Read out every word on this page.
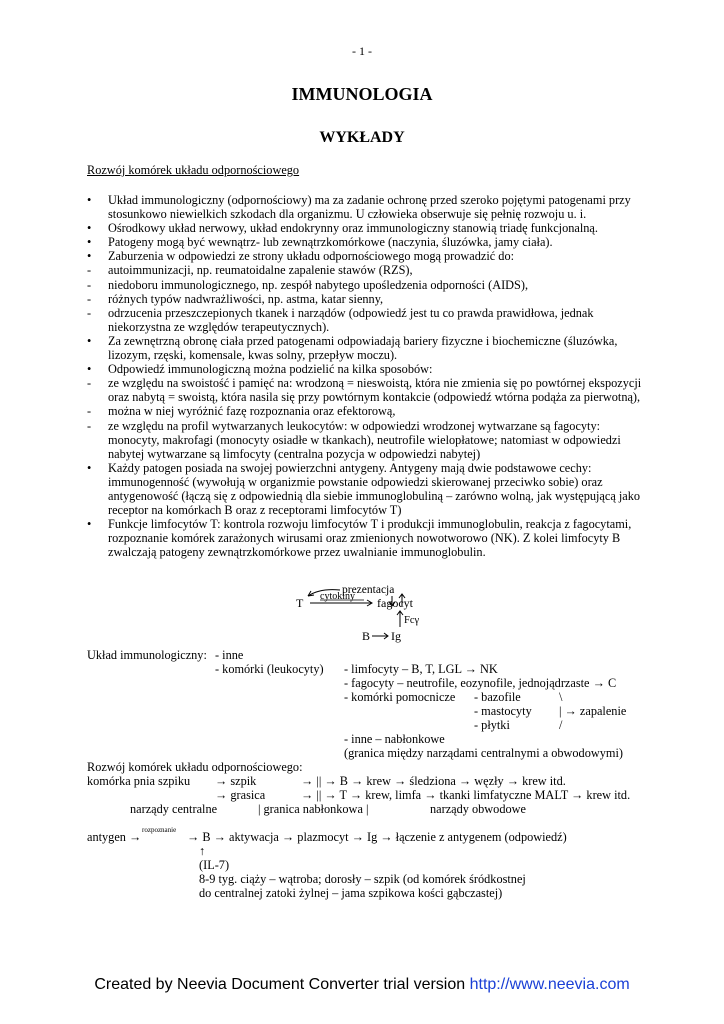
- 1 -
IMMUNOLOGIA
WYKŁADY
Rozwój komórek układu odpornościowego
• Układ immunologiczny (odpornościowy) ma za zadanie ochronę przed szeroko pojętymi patogenami przy stosunkowo niewielkich szkodach dla organizmu. U człowieka obserwuje się pełnię rozwoju u. i.
• Ośrodkowy układ nerwowy, układ endokrynny oraz immunologiczny stanowią triadę funkcjonalną.
• Patogeny mogą być wewnątrz- lub zewnątrzkomórkowe (naczynia, śluzówka, jamy ciała).
• Zaburzenia w odpowiedzi ze strony układu odpornościowego mogą prowadzić do:
- autoimmunizacji, np. reumatoidalne zapalenie stawów (RZS),
- niedoboru immunologicznego, np. zespół nabytego upośledzenia odporności (AIDS),
- różnych typów nadwrażliwości, np. astma, katar sienny,
- odrzucenia przeszczepionych tkanek i narządów (odpowiedź jest tu co prawda prawidłowa, jednak niekorzystna ze względów terapeutycznych).
• Za zewnętrzną obronę ciała przed patogenami odpowiadają bariery fizyczne i biochemiczne (śluzówka, lizozym, rzęski, komensale, kwas solny, przepływ moczu).
• Odpowiedź immunologiczną można podzielić na kilka sposobów:
- ze względu na swoistość i pamięć na: wrodzoną = nieswoistą, która nie zmienia się po powtórnej ekspozycji oraz nabytą = swoistą, która nasila się przy powtórnym kontakcie (odpowiedź wtórna podąża za pierwotną),
- można w niej wyróżnić fazę rozpoznania oraz efektorową,
- ze względu na profil wytwarzanych leukocytów: w odpowiedzi wrodzonej wytwarzane są fagocyty: monocyty, makrofagi (monocyty osiadłe w tkankach), neutrofile wielopłatowe; natomiast w odpowiedzi nabytej wytwarzane są limfocyty (centralna pozycja w odpowiedzi nabytej)
• Każdy patogen posiada na swojej powierzchni antygeny. Antygeny mają dwie podstawowe cechy: immunogenność (wywołują w organizmie powstanie odpowiedzi skierowanej przeciwko sobie) oraz antygenowość (łączą się z odpowiednią dla siebie immunoglobuliną – zarówno wolną, jak występującą jako receptor na komórkach B oraz z receptorami limfocytów T)
• Funkcje limfocytów T: kontrola rozwoju limfocytów T i produkcji immunoglobulin, reakcja z fagocytami, rozpoznanie komórek zarażonych wirusami oraz zmienionych nowotworowo (NK). Z kolei limfocyty B zwalczają patogeny zewnątrzkomórkowe przez uwalnianie immunoglobulin.
prezentacja
cytokiny
T	fagocyt
Fcγ
B Ig
Układ immunologiczny: - inne
- komórki (leukocyty) - limfocyty – B, T, LGL → NK
- fagocyty – neutrofile, eozynofile, jednojądrzaste → C
- komórki pomocnicze - bazofile	\
- mastocyty | → zapalenie
- płytki	/
- inne – nabłonkowe
(granica między narządami centralnymi a obwodowymi)
Rozwój komórek układu odpornościowego:
komórka pnia szpiku → szpik	→ || → B → krew → śledziona → węzły → krew itd.
→ grasica	→ || → T → krew, limfa → tkanki limfatyczne MALT → krew itd.
narządy centralne	| granica nabłonkowa |	narządy obwodowe
antygen → rozpoznanie → B → aktywacja → plazmocyt → Ig → łączenie z antygenem (odpowiedź)
↑
(IL-7)
8-9 tyg. ciąży – wątroba; dorosły – szpik (od komórek śródkostnej
do centralnej zatoki żylnej – jama szpikowa kości gąbczastej)
Created by Neevia Document Converter trial version http://www.neevia.com
